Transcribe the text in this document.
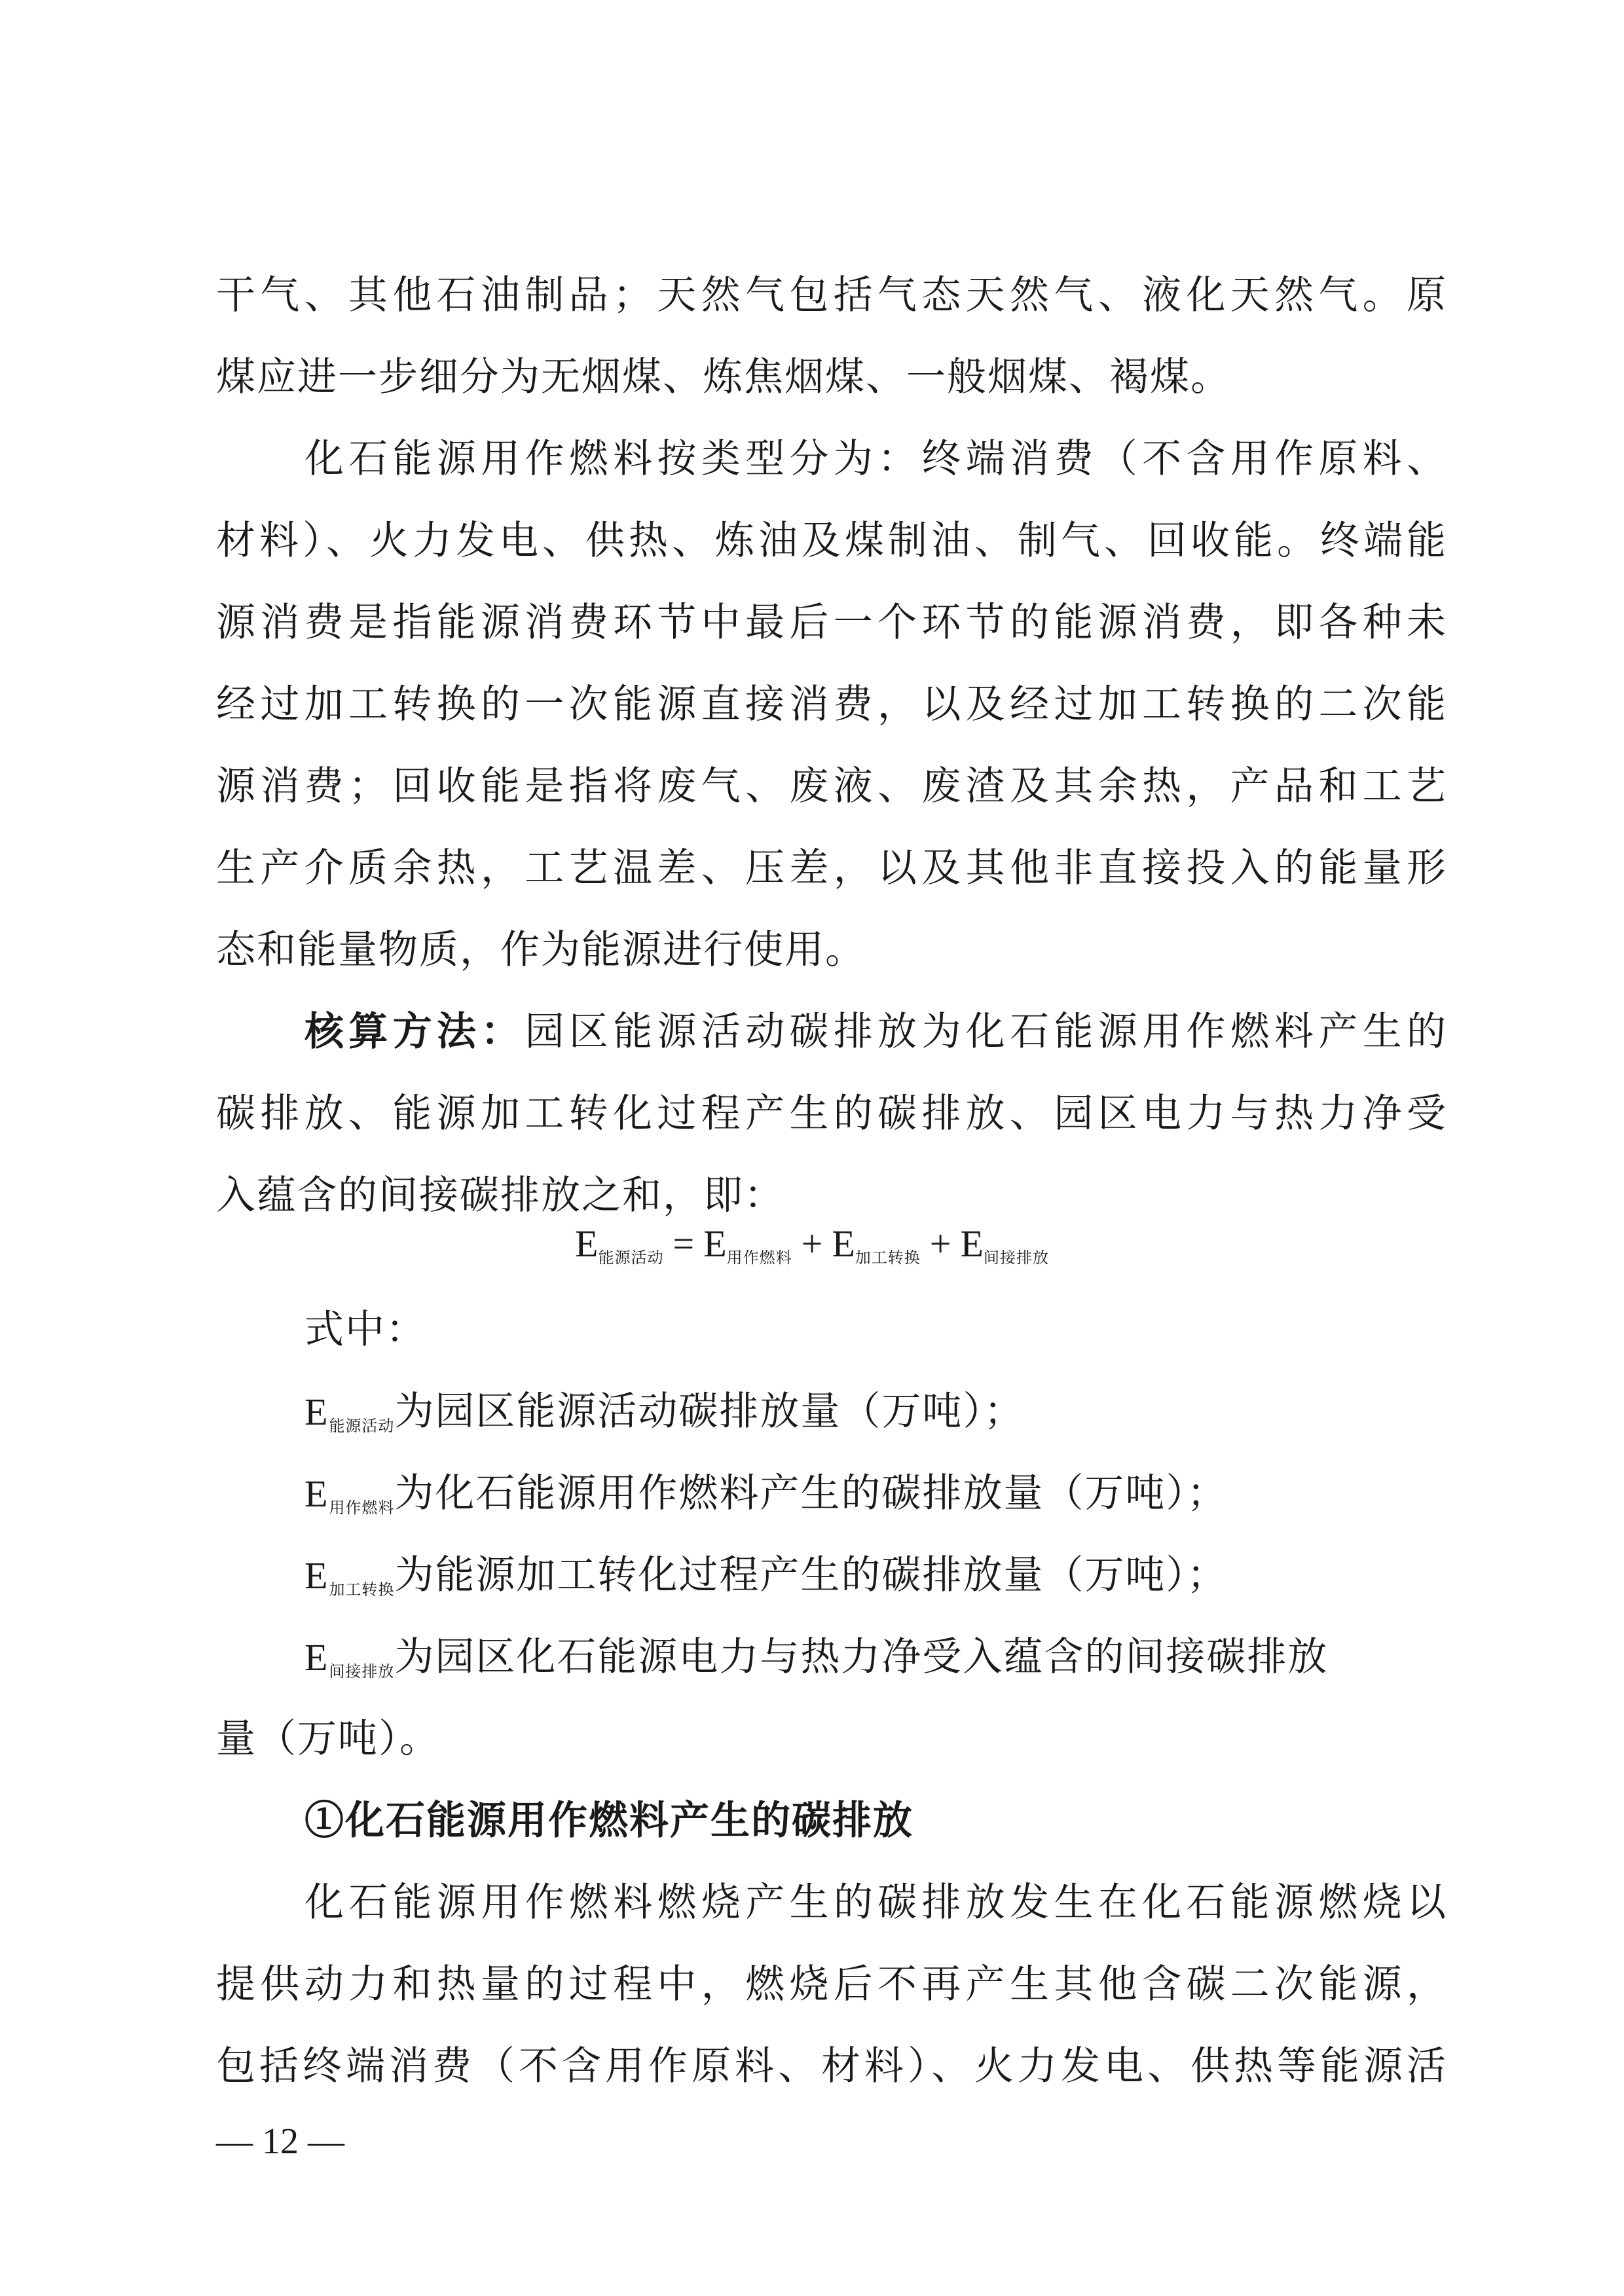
干气、其他石油制品；天然气包括气态天然气、液化天然气。原
煤应进一步细分为无烟煤、炼焦烟煤、一般烟煤、褐煤。
化石能源用作燃料按类型分为：终端消费（不含用作原料、
材料）、火力发电、供热、炼油及煤制油、制气、回收能。终端能
源消费是指能源消费环节中最后一个环节的能源消费，即各种未
经过加工转换的一次能源直接消费，以及经过加工转换的二次能
源消费；回收能是指将废气、废液、废渣及其余热，产品和工艺
生产介质余热，工艺温差、压差，以及其他非直接投入的能量形
态和能量物质，作为能源进行使用。
核算方法：园区能源活动碳排放为化石能源用作燃料产生的
碳排放、能源加工转化过程产生的碳排放、园区电力与热力净受
入蕴含的间接碳排放之和，即：
$E_{能源活动} = E_{用作燃料} + E_{加工转换} + E_{间接排放}$
式中：
$E_{能源活动}$为园区能源活动碳排放量（万吨）；
$E_{用作燃料}$为化石能源用作燃料产生的碳排放量（万吨）；
$E_{加工转换}$为能源加工转化过程产生的碳排放量（万吨）；
$E_{间接排放}$为园区化石能源电力与热力净受入蕴含的间接碳排放
量（万吨）。
①化石能源用作燃料产生的碳排放
化石能源用作燃料燃烧产生的碳排放发生在化石能源燃烧以
提供动力和热量的过程中，燃烧后不再产生其他含碳二次能源，
包括终端消费（不含用作原料、材料）、火力发电、供热等能源活
— 12 —
